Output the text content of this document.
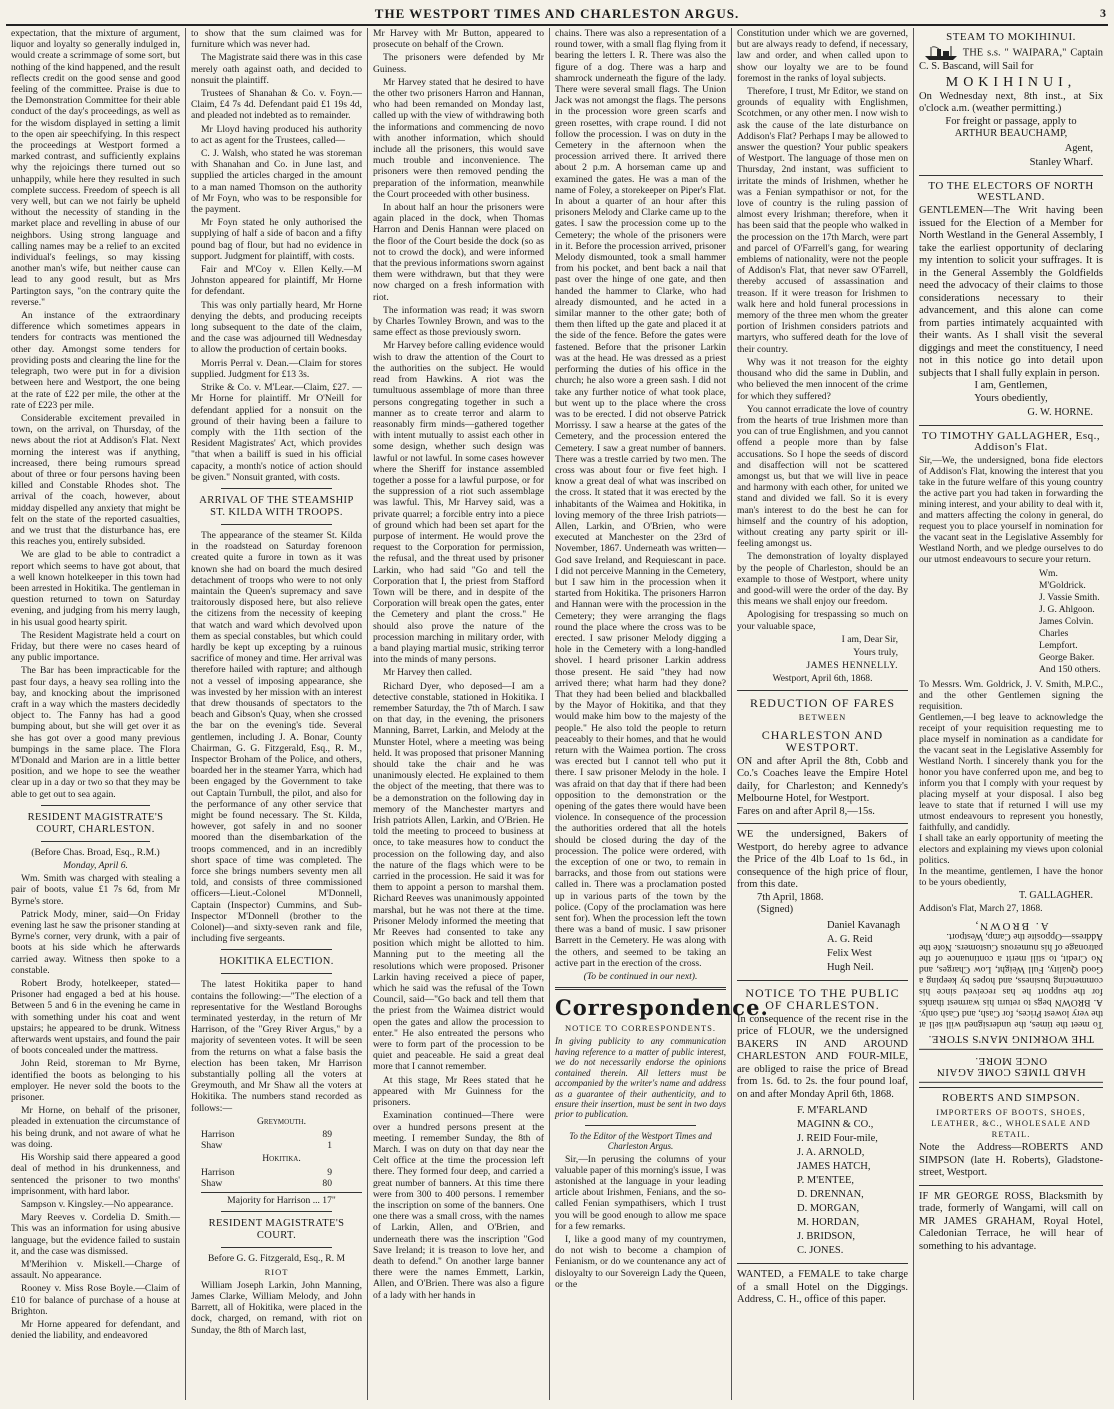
THE WESTPORT TIMES AND CHARLESTON ARGUS.	3

expectation, that the mixture of argument, liquor and loyalty so generally indulged in, would create a scrimmage of some sort, but nothing of the kind happened, and the result reflects credit on the good sense and good feeling of the committee. Praise is due to the Demonstration Committee for their able conduct of the day's proceedings, as well as for the wisdom displayed in setting a limit to the open air speechifying. In this respect the proceedings at Westport formed a marked contrast, and sufficiently explains why the rejoicings there turned out so unhappily, while here they resulted in such complete success. Freedom of speech is all very well, but can we not fairly be upheld without the necessity of standing in the market place and revelling in abuse of our neighbors. Using strong language and calling names may be a relief to an excited individual's feelings, so may kissing another man's wife, but neither cause can lead to any good result, but as Mrs Partington says, "on the contrary quite the reverse."

An instance of the extraordinary difference which sometimes appears in tenders for contracts was mentioned the other day. Amongst some tenders for providing posts and clearing the line for the telegraph, two were put in for a division between here and Westport, the one being at the rate of £22 per mile, the other at the rate of £223 per mile.

Considerable excitement prevailed in town, on the arrival, on Thursday, of the news about the riot at Addison's Flat. Next morning the interest was if anything, increased, there being rumours spread about of three or four persons having been killed and Constable Rhodes shot. The arrival of the coach, however, about midday dispelled any anxiety that might be felt on the state of the reported casualties, and we trust that the disturbance has, ere this reaches you, entirely subsided.

We are glad to be able to contradict a report which seems to have got about, that a well known hotelkeeper in this town had been arrested in Hokitika. The gentleman in question returned to town on Saturday evening, and judging from his merry laugh, in his usual good hearty spirit.

The Resident Magistrate held a court on Friday, but there were no cases heard of any public importance.

The Bar has been impracticable for the past four days, a heavy sea rolling into the bay, and knocking about the imprisoned craft in a way which the masters decidedly object to. The Fanny has had a good bumping about, but she will get over it as she has got over a good many previous bumpings in the same place. The Flora M'Donald and Marion are in a little better position, and we hope to see the weather clear up in a day or two so that they may be able to get out to sea again.

RESIDENT MAGISTRATE'S COURT, CHARLESTON.
(Before Chas. Broad, Esq., R.M.)
Monday, April 6.

Wm. Smith was charged with stealing a pair of boots, value £1 7s 6d, from Mr Byrne's store.

Patrick Mody, miner, said—On Friday evening last he saw the prisoner standing at Byrne's corner, very drunk, with a pair of boots at his side which he afterwards carried away. Witness then spoke to a constable.

Robert Brody, hotelkeeper, stated—Prisoner had engaged a bed at his house. Between 5 and 6 in the evening he came in with something under his coat and went upstairs; he appeared to be drunk. Witness afterwards went upstairs, and found the pair of boots concealed under the mattress.

John Reid, storeman to Mr Byrne, identified the boots as belonging to his employer. He never sold the boots to the prisoner.

Mr Horne, on behalf of the prisoner, pleaded in extenuation the circumstance of his being drunk, and not aware of what he was doing.

His Worship said there appeared a good deal of method in his drunkenness, and sentenced the prisoner to two months' imprisonment, with hard labor.

Sampson v. Kingsley.—No appearance.

Mary Reeves v. Cordelia D. Smith.—This was an information for using abusive language, but the evidence failed to sustain it, and the case was dismissed.

M'Merihion v. Miskell.—Charge of assault. No appearance.

Rooney v. Miss Rose Boyle.—Claim of £10 for balance of purchase of a house at Brighton.

Mr Horne appeared for defendant, and denied the liability, and endeavored

to show that the sum claimed was for furniture which was never had.

The Magistrate said there was in this case merely oath against oath, and decided to nonsuit the plaintiff.

Trustees of Shanahan & Co. v. Foyn.—Claim, £4 7s 4d. Defendant paid £1 19s 4d, and pleaded not indebted as to remainder.

Mr Lloyd having produced his authority to act as agent for the Trustees, called—

C. J. Walsh, who stated he was storeman with Shanahan and Co. in June last, and supplied the articles charged in the amount to a man named Thomson on the authority of Mr Foyn, who was to be responsible for the payment.

Mr Foyn stated he only authorised the supplying of half a side of bacon and a fifty pound bag of flour, but had no evidence in support. Judgment for plaintiff, with costs.

Fair and M'Coy v. Ellen Kelly.—M Johnston appeared for plaintiff, Mr Horne for defendant.

This was only partially heard, Mr Horne denying the debts, and producing receipts long subsequent to the date of the claim, and the case was adjourned till Wednesday to allow the production of certain books.

Morris Perral v. Dean.—Claim for stores supplied. Judgment for £13 3s.

Strike & Co. v. M'Lear.—Claim, £27. —Mr Horne for plaintiff. Mr O'Neill for defendant applied for a nonsuit on the ground of their having been a failure to comply with the 11th section of the Resident Magistrates' Act, which provides "that when a bailiff is sued in his official capacity, a month's notice of action should be given." Nonsuit granted, with costs.

ARRIVAL OF THE STEAMSHIP ST. KILDA WITH TROOPS.

The appearance of the steamer St. Kilda in the roadstead on Saturday forenoon created quite a furore in town as it was known she had on board the much desired detachment of troops who were to not only maintain the Queen's supremacy and save traitorously disposed here, but also relieve the citizens from the necessity of keeping that watch and ward which devolved upon them as special constables, but which could hardly be kept up excepting by a ruinous sacrifice of money and time. Her arrival was therefore hailed with rapture; and although not a vessel of imposing appearance, she was invested by her mission with an interest that drew thousands of spectators to the beach and Gibson's Quay, when she crossed the bar on the evening's tide. Several gentlemen, including J. A. Bonar, County Chairman, G. G. Fitzgerald, Esq., R. M., Inspector Broham of the Police, and others, boarded her in the steamer Yarra, which had been engaged by the Government to take out Captain Turnbull, the pilot, and also for the performance of any other service that might be found necessary. The St. Kilda, however, got safely in and no sooner moored than the disembarkation of the troops commenced, and in an incredibly short space of time was completed. The force she brings numbers seventy men all told, and consists of three commissioned officers—Lieut.-Colonel M'Donnell, Captain (Inspector) Cummins, and Sub-Inspector M'Donnell (brother to the Colonel)—and sixty-seven rank and file, including five sergeants.

HOKITIKA ELECTION.

The latest Hokitika paper to hand contains the following:—"The election of a representative for the Westland Boroughs terminated yesterday, in the return of Mr Harrison, of the "Grey River Argus," by a majority of seventeen votes. It will be seen from the returns on what a false basis the election has been taken, Mr Harrison substantially polling all the voters at Greymouth, and Mr Shaw all the voters at Hokitika. The numbers stand recorded as follows:—

Greymouth.
Harrison	89
Shaw	1
Hokitika.
Harrison	9
Shaw	80
Majority for Harrison ... 17"
RESIDENT MAGISTRATE'S COURT.
Before G. G. Fitzgerald, Esq., R. M
RIOT

William Joseph Larkin, John Manning, James Clarke, William Melody, and John Barrett, all of Hokitika, were placed in the dock, charged, on remand, with riot on Sunday, the 8th of March last,

Mr Harvey with Mr Button, appeared to prosecute on behalf of the Crown.

The prisoners were defended by Mr Guiness.

Mr Harvey stated that he desired to have the other two prisoners Harron and Hannan, who had been remanded on Monday last, called up with the view of withdrawing both the informations and commencing de novo with another information, which should include all the prisoners, this would save much trouble and inconvenience. The prisoners were then removed pending the preparation of the information, meanwhile the Court proceeded with other business.

In about half an hour the prisoners were again placed in the dock, when Thomas Harron and Denis Hannan were placed on the floor of the Court beside the dock (so as not to crowd the dock), and were informed that the previous informations sworn against them were withdrawn, but that they were now charged on a fresh information with riot.

The information was read; it was sworn by Charles Townley Brown, and was to the same effect as those previously sworn.

Mr Harvey before calling evidence would wish to draw the attention of the Court to the authorities on the subject. He would read from Hawkins. A riot was the tumultuous assemblage of more than three persons congregating together in such a manner as to create terror and alarm to reasonably firm minds—gathered together with intent mutually to assist each other in some design, whether such design was lawful or not lawful. In some cases however where the Sheriff for instance assembled together a posse for a lawful purpose, or for the suppression of a riot such assemblage was lawful. This, Mr Harvey said, was a private quarrel; a forcible entry into a piece of ground which had been set apart for the purpose of interment. He would prove the request to the Corporation for permission, the refusal, and the threat used by prisoner Larkin, who had said "Go and tell the Corporation that I, the priest from Stafford Town will be there, and in despite of the Corporation will break open the gates, enter the Cemetery and plant the cross." He should also prove the nature of the procession marching in military order, with a band playing martial music, striking terror into the minds of many persons.

Mr Harvey then called.

Richard Dyer, who deposed—I am a detective constable, stationed in Hokitika. I remember Saturday, the 7th of March. I saw on that day, in the evening, the prisoners Manning, Barret, Larkin, and Melody at the Munster Hotel, where a meeting was being held. It was proposed that prisoner Manning should take the chair and he was unanimously elected. He explained to them the object of the meeting, that there was to be a demonstration on the following day in memory of the Manchester martyrs and Irish patriots Allen, Larkin, and O'Brien. He told the meeting to proceed to business at once, to take measures how to conduct the procession on the following day, and also the nature of the flags which were to be carried in the procession. He said it was for them to appoint a person to marshal them. Richard Reeves was unanimously appointed marshal, but he was not there at the time. Prisoner Melody informed the meeting that Mr Reeves had consented to take any position which might be allotted to him. Manning put to the meeting all the resolutions which were proposed. Prisoner Larkin having received a piece of paper, which he said was the refusal of the Town Council, said—"Go back and tell them that the priest from the Waimea district would open the gates and allow the procession to enter." He also entreated the persons who were to form part of the procession to be quiet and peaceable. He said a great deal more that I cannot remember.

At this stage, Mr Rees stated that he appeared with Mr Guinness for the prisoners.

Examination continued—There were over a hundred persons present at the meeting. I remember Sunday, the 8th of March. I was on duty on that day near the Celt office at the time the procession left there. They formed four deep, and carried a great number of banners. At this time there were from 300 to 400 persons. I remember the inscription on some of the banners. One one there was a small cross, with the names of Larkin, Allen, and O'Brien, and underneath there was the inscription "God Save Ireland; it is treason to love her, and death to defend." On another large banner there were the names Emmett, Larkin, Allen, and O'Brien. There was also a figure of a lady with her hands in

chains. There was also a representation of a round tower, with a small flag flying from it bearing the letters I. R. There was also the figure of a dog. There was a harp and shamrock underneath the figure of the lady. There were several small flags. The Union Jack was not amongst the flags. The persons in the procession wore green scarfs and green rosettes, with crape round. I did not follow the procession. I was on duty in the Cemetery in the afternoon when the procession arrived there. It arrived there about 2 p.m. A horseman came up and examined the gates. He was a man of the name of Foley, a storekeeper on Piper's Flat. In about a quarter of an hour after this prisoners Melody and Clarke came up to the gates. I saw the procession come up to the Cemetery; the whole of the prisoners were in it. Before the procession arrived, prisoner Melody dismounted, took a small hammer from his pocket, and bent back a nail that past over the hinge of one gate, and then handed the hammer to Clarke, who had already dismounted, and he acted in a similar manner to the other gate; both of them then lifted up the gate and placed it at the side of the fence. Before the gates were fastened. Before that the prisoner Larkin was at the head. He was dressed as a priest performing the duties of his office in the church; he also wore a green sash. I did not take any further notice of what took place, but went up to the place where the cross was to be erected. I did not observe Patrick Morrissy. I saw a hearse at the gates of the Cemetery, and the procession entered the Cemetery. I saw a great number of banners. There was a trestle carried by two men. The cross was about four or five feet high. I know a great deal of what was inscribed on the cross. It stated that it was erected by the inhabitants of the Waimea and Hokitika, in loving memory of the three Irish patriots—Allen, Larkin, and O'Brien, who were executed at Manchester on the 23rd of November, 1867. Underneath was written—God save Ireland, and Requiescant in pace. I did not perceive Manning in the Cemetery, but I saw him in the procession when it started from Hokitika. The prisoners Harron and Hannan were with the procession in the Cemetery; they were arranging the flags round the place where the cross was to be erected. I saw prisoner Melody digging a hole in the Cemetery with a long-handled shovel. I heard prisoner Larkin address those present. He said "they had now arrived there; what harm had they done? That they had been belied and blackballed by the Mayor of Hokitika, and that they would make him bow to the majesty of the people." He also told the people to return peaceably to their homes, and that he would return with the Waimea portion. The cross was erected but I cannot tell who put it there. I saw prisoner Melody in the hole. I was afraid on that day that if there had been opposition to the demonstration or the opening of the gates there would have been violence. In consequence of the procession the authorities ordered that all the hotels should be closed during the day of the procession. The police were ordered, with the exception of one or two, to remain in barracks, and those from out stations were called in. There was a proclamation posted up in various parts of the town by the police. (Copy of the proclamation was here sent for). When the procession left the town there was a band of music. I saw prisoner Barrett in the Cemetery. He was along with the others, and seemed to be taking an active part in the erection of the cross.

(To be continued in our next).
Correspondence.
NOTICE TO CORRESPONDENTS.
In giving publicity to any communication having reference to a matter of public interest, we do not necessarily endorse the opinions contained therein. All letters must be accompanied by the writer's name and address as a guarantee of their authenticity, and to ensure their insertion, must be sent in two days prior to publication.
To the Editor of the Westport Times and Charleston Argus.

Sir,—In perusing the columns of your valuable paper of this morning's issue, I was astonished at the language in your leading article about Irishmen, Fenians, and the so-called Fenian sympathisers, which I trust you will be good enough to allow me space for a few remarks.

I, like a good many of my countrymen, do not wish to become a champion of Fenianism, or do we countenance any act of disloyalty to our Sovereign Lady the Queen, or the

Constitution under which we are governed, but are always ready to defend, if necessary, law and order, and when called upon to show our loyalty we are to be found foremost in the ranks of loyal subjects.

Therefore, I trust, Mr Editor, we stand on grounds of equality with Englishmen, Scotchmen, or any other men. I now wish to ask the cause of the late disturbance on Addison's Flat? Perhaps I may be allowed to answer the question? Your public speakers of Westport. The language of those men on Thursday, 2nd instant, was sufficient to irritate the minds of Irishmen, whether he was a Fenian sympathisor or not, for the love of country is the ruling passion of almost every Irishman; therefore, when it has been said that the people who walked in the procession on the 17th March, were part and parcel of O'Farrell's gang, for wearing emblems of nationality, were not the people of Addison's Flat, that never saw O'Farrell, thereby accused of assassination and treason. If it were treason for Irishmen to walk here and hold funeral processions in memory of the three men whom the greater portion of Irishmen considers patriots and martyrs, who suffered death for the love of their country.

Why was it not treason for the eighty thousand who did the same in Dublin, and who believed the men innocent of the crime for which they suffered?

You cannot erradicate the love of country from the hearts of true Irishmen more than you can of true Englishmen, and you cannot offend a people more than by false accusations. So I hope the seeds of discord and disaffection will not be scattered amongst us, but that we will live in peace and harmony with each other, for united we stand and divided we fall. So it is every man's interest to do the best he can for himself and the country of his adoption, without creating any party spirit or ill-feeling amongst us.

The demonstration of loyalty displayed by the people of Charleston, should be an example to those of Westport, where unity and good-will were the order of the day. By this means we shall enjoy our freedom.

Apologising for trespassing so much on your valuable space,

I am, Dear Sir,
Yours truly,
JAMES HENNELLY.
Westport, April 6th, 1868.
REDUCTION OF FARES
BETWEEN
CHARLESTON AND WESTPORT.
ON and after April the 8th, Cobb and Co.'s Coaches leave the Empire Hotel daily, for Charleston; and Kennedy's Melbourne Hotel, for Westport.
Fares on and after April 8,—15s.
WE the undersigned, Bakers of Westport, do hereby agree to advance the Price of the 4lb Loaf to 1s 6d., in consequence of the high price of flour, from this date.
7th April, 1868.
(Signed)
Daniel Kavanagh
A. G. Reid
Felix West
Hugh Neil.
NOTICE TO THE PUBLIC OF CHARLESTON.
In consequence of the recent rise in the price of FLOUR, we the undersigned BAKERS IN AND AROUND CHARLESTON AND FOUR-MILE, are obliged to raise the price of Bread from 1s. 6d. to 2s. the four pound loaf, on and after Monday April 6th, 1868.
F. M'FARLAND
MAGINN & CO.,
J. REID Four-mile,
J. A. ARNOLD,
JAMES HATCH,
P. M'ENTEE,
D. DRENNAN,
D. MORGAN,
M. HORDAN,
J. BRIDSON,
C. JONES.
WANTED, a FEMALE to take charge of a small Hotel on the Diggings. Address, C. H., office of this paper.
STEAM TO MOKIHINUI.
THE s.s. " WAIPARA," Captain C. S. Bascand, will Sail for
MOKIHINUI,
On Wednesday next, 8th inst., at Six o'clock a.m. (weather permitting.)
For freight or passage, apply to
ARTHUR BEAUCHAMP,
Agent,
Stanley Wharf.
TO THE ELECTORS OF NORTH WESTLAND.
GENTLEMEN—The Writ having been issued for the Election of a Member for North Westland in the General Assembly, I take the earliest opportunity of declaring my intention to solicit your suffrages. It is in the General Assembly the Goldfields need the advocacy of their claims to those considerations necessary to their advancement, and this alone can come from parties intimately acquainted with their wants. As I shall visit the several diggings and meet the constituency, I need not in this notice go into detail upon subjects that I shall fully explain in person.
I am, Gentlemen,
Yours obediently,
G. W. HORNE.
TO TIMOTHY GALLAGHER, Esq., Addison's Flat.
Sir,—We, the undersigned, bona fide electors of Addison's Flat, knowing the interest that you take in the future welfare of this young country the active part you had taken in forwarding the mining interest, and your ability to deal with it, and matters affecting the colony in general, do request you to place yourself in nomination for the vacant seat in the Legislative Assembly for Westland North, and we pledge ourselves to do our utmost endeavours to secure your return.
Wm. M'Goldrick.
J. Vassie Smith.
J. G. Ahlgoon.
James Colvin.
Charles Lempfort.
George Baker.
And 150 others.
To Messrs. Wm. Goldrick, J. V. Smith, M.P.C., and the other Gentlemen signing the requisition.
Gentlemen,—I beg leave to acknowledge the receipt of your requisition requesting me to place myself in nomination as a candidate for the vacant seat in the Legislative Assembly for Westland North. I sincerely thank you for the honor you have conferred upon me, and beg to inform you that I comply with your request by placing myself at your disposal. I also beg leave to state that if returned I will use my utmost endeavours to represent you honestly, faithfully, and candidly.
I shall take an early opportunity of meeting the electors and explaining my views upon colonial politics.
In the meantime, gentlemen, I have the honor to be yours obediently,
T. GALLAGHER.
Addison's Flat, March 27, 1868.
HARD TIMES COME AGAIN ONCE MORE.
THE WORKING MAN'S STORE.
To meet the times, the undersigned will sell at the very lowest Prices, for Cash, and Cash only. A. BROWN begs to return his warmest thanks for the support he has received since his commencing business, and hopes by keeping a Good Quality, Full Weight, Low Charges, and No Credit, to still merit a continuance of the patronage of his numerous Customers. Note the Address—Opposite the Camp, Westport.
A. BROWN,
ROBERTS AND SIMPSON.
IMPORTERS OF BOOTS, SHOES, LEATHER, &C., WHOLESALE AND RETAIL.
Note the Address—ROBERTS AND SIMPSON (late H. Roberts), Gladstone-street, Westport.
IF MR GEORGE ROSS, Blacksmith by trade, formerly of Wangami, will call on MR JAMES GRAHAM, Royal Hotel, Caledonian Terrace, he will hear of something to his advantage.
